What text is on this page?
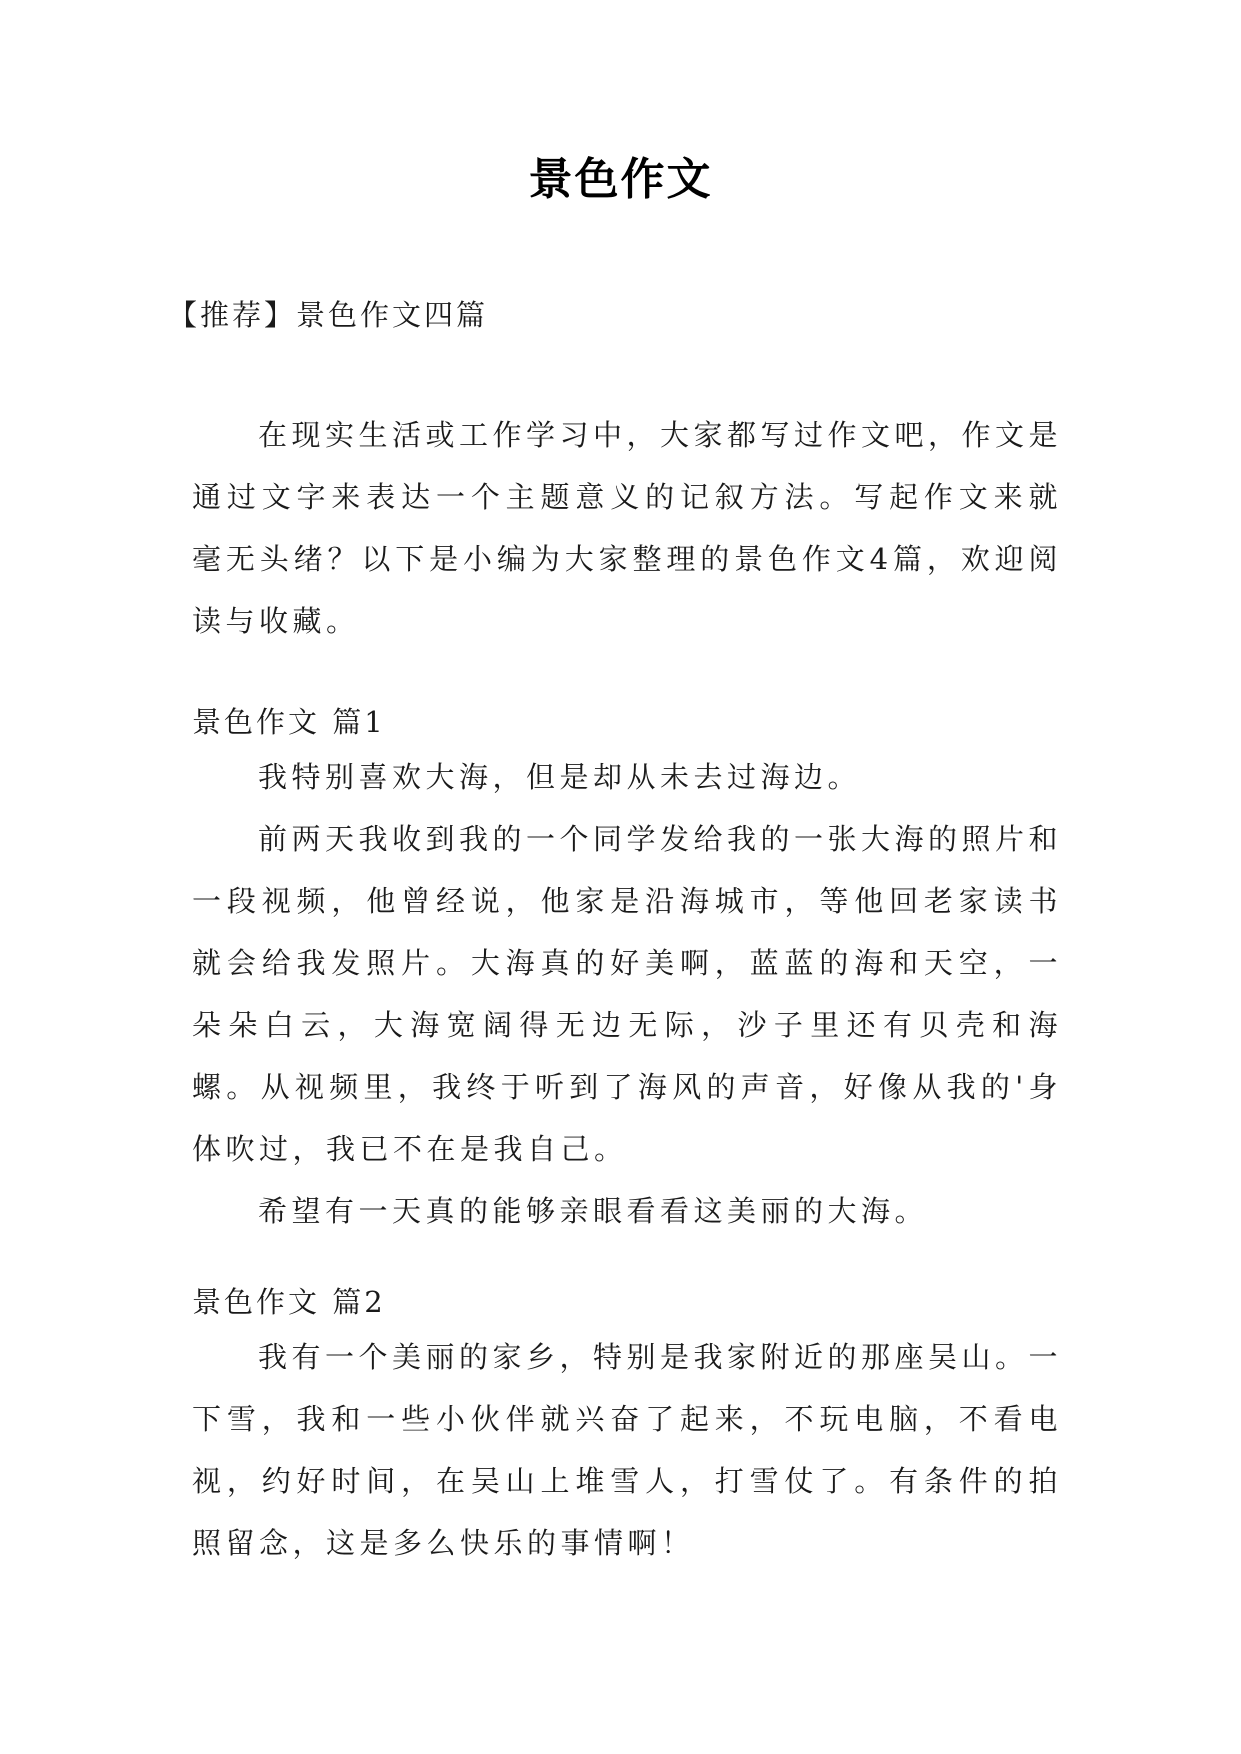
景色作文
【推荐】景色作文四篇

在现实生活或工作学习中，大家都写过作文吧，作文是通过文字来表达一个主题意义的记叙方法。写起作文来就毫无头绪？以下是小编为大家整理的景色作文4篇，欢迎阅读与收藏。

景色作文 篇1

我特别喜欢大海，但是却从未去过海边。

前两天我收到我的一个同学发给我的一张大海的照片和一段视频，他曾经说，他家是沿海城市，等他回老家读书就会给我发照片。大海真的好美啊，蓝蓝的海和天空，一朵朵白云，大海宽阔得无边无际，沙子里还有贝壳和海螺。从视频里，我终于听到了海风的声音，好像从我的'身体吹过，我已不在是我自己。

希望有一天真的能够亲眼看看这美丽的大海。

景色作文 篇2

我有一个美丽的家乡，特别是我家附近的那座吴山。一下雪，我和一些小伙伴就兴奋了起来，不玩电脑，不看电视，约好时间，在吴山上堆雪人，打雪仗了。有条件的拍照留念，这是多么快乐的事情啊！
